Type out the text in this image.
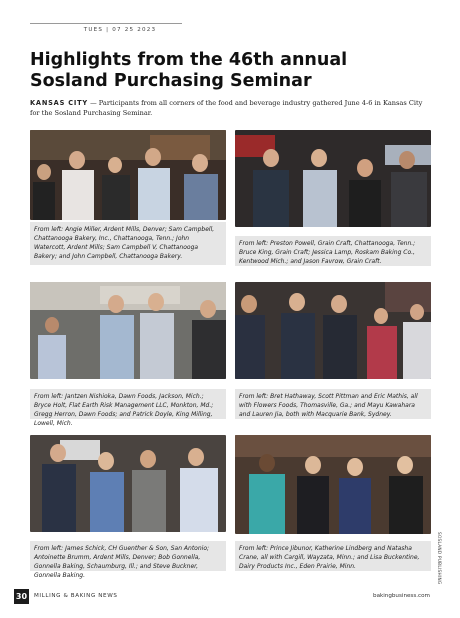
TUES | 07 25 2023
Highlights from the 46th annual Sosland Purchasing Seminar

KANSAS CITY — Participants from all corners of the food and beverage industry gathered June 4-6 in Kansas City for the Sosland Purchasing Seminar.

From left: Angie Miller, Ardent Mills, Denver; Sam Campbell, Chattanooga Bakery, Inc., Chattanooga, Tenn.; John Watercott, Ardent Mills; Sam Campbell V, Chattanooga Bakery; and John Campbell, Chattanooga Bakery.

From left: Preston Powell, Grain Craft, Chattanooga, Tenn.; Bruce King, Grain Craft; Jessica Lamp, Roskam Baking Co., Kentwood Mich.; and Jason Favrow, Grain Craft.

From left: Jantzen Nishioka, Dawn Foods, Jackson, Mich.; Bryce Holt, Flat Earth Risk Management LLC, Monkton, Md.; Gregg Herron, Dawn Foods; and Patrick Doyle, King Milling, Lowell, Mich.

From left: Bret Hathaway, Scott Pittman and Eric Mathis, all with Flowers Foods, Thomasville, Ga.; and Mayu Kawahara and Lauren Jia, both with Macquarie Bank, Sydney.

From left: James Schick, CH Guenther & Son, San Antonio; Antoinette Brumm, Ardent Mills, Denver; Bob Gonnella, Gonnella Baking, Schaumburg, Ill.; and Steve Buckner, Gonnella Baking.

From left: Prince Jibunor, Katherine Lindberg and Natasha Crane, all with Cargill, Wayzata, Minn.; and Lisa Buckentine, Dairy Products Inc., Eden Prairie, Minn.	SOSLAND PUBLISHING
30	MILLING & BAKING NEWS	bakingbusiness.com
